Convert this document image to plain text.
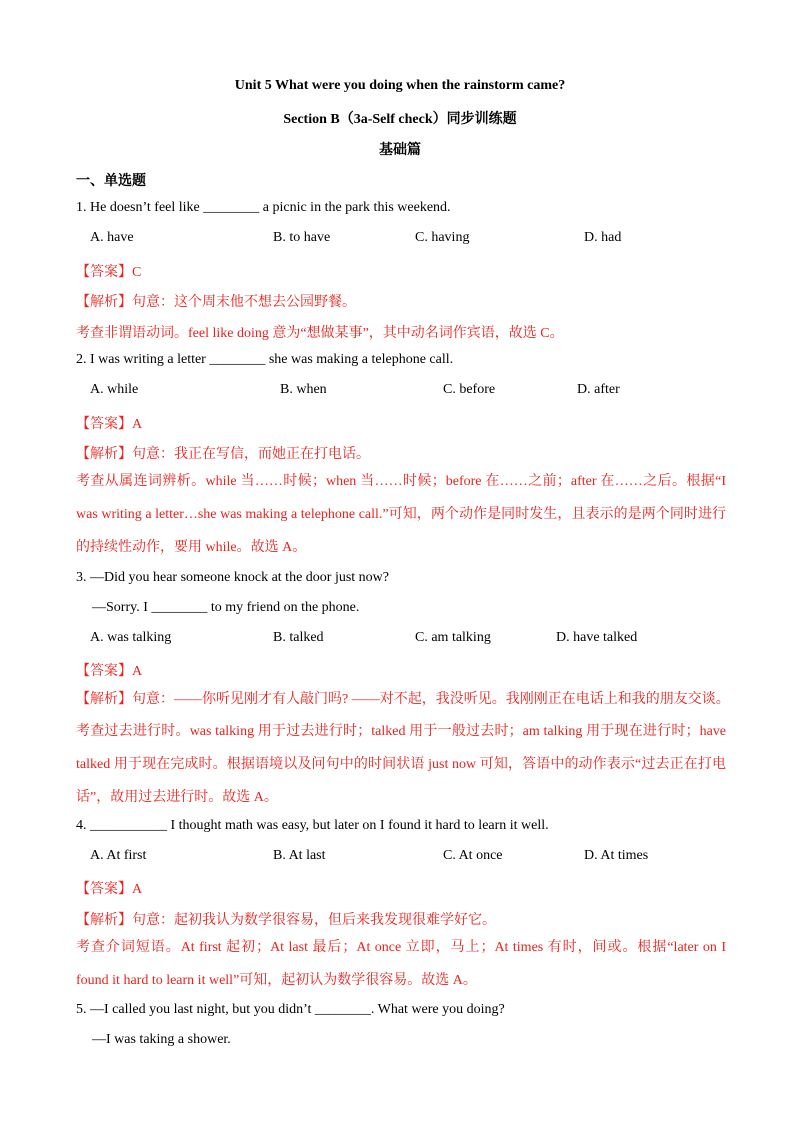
Unit 5 What were you doing when the rainstorm came?
Section B（3a-Self check）同步训练题
基础篇
一、单选题
1. He doesn’t feel like ________ a picnic in the park this weekend.
A. have	B. to have	C. having	D. had
【答案】C
【解析】句意：这个周末他不想去公园野餐。
考查非谓语动词。feel like doing 意为“想做某事”，其中动名词作宾语，故选 C。
2. I was writing a letter ________ she was making a telephone call.
A. while	B. when	C. before	D. after
【答案】A
【解析】句意：我正在写信，而她正在打电话。
考查从属连词辨析。while 当……时候；when 当……时候；before 在……之前；after 在……之后。根据“I was writing a letter…she was making a telephone call.”可知，两个动作是同时发生，且表示的是两个同时进行的持续性动作，要用 while。故选 A。
3. —Did you hear someone knock at the door just now?
—Sorry. I ________ to my friend on the phone.
A. was talking	B. talked	C. am talking	D. have talked
【答案】A
【解析】句意：——你听见刚才有人敲门吗? ——对不起，我没听见。我刚刚正在电话上和我的朋友交谈。
考查过去进行时。was talking 用于过去进行时；talked 用于一般过去时；am talking 用于现在进行时；have talked 用于现在完成时。根据语境以及问句中的时间状语 just now 可知，答语中的动作表示“过去正在打电话”，故用过去进行时。故选 A。
4. ___________ I thought math was easy, but later on I found it hard to learn it well.
A. At first	B. At last	C. At once	D. At times
【答案】A
【解析】句意：起初我认为数学很容易，但后来我发现很难学好它。
考查介词短语。At first 起初；At last 最后；At once 立即，马上；At times 有时，间或。根据“later on I found it hard to learn it well”可知，起初认为数学很容易。故选 A。
5. —I called you last night, but you didn’t ________. What were you doing?
—I was taking a shower.
